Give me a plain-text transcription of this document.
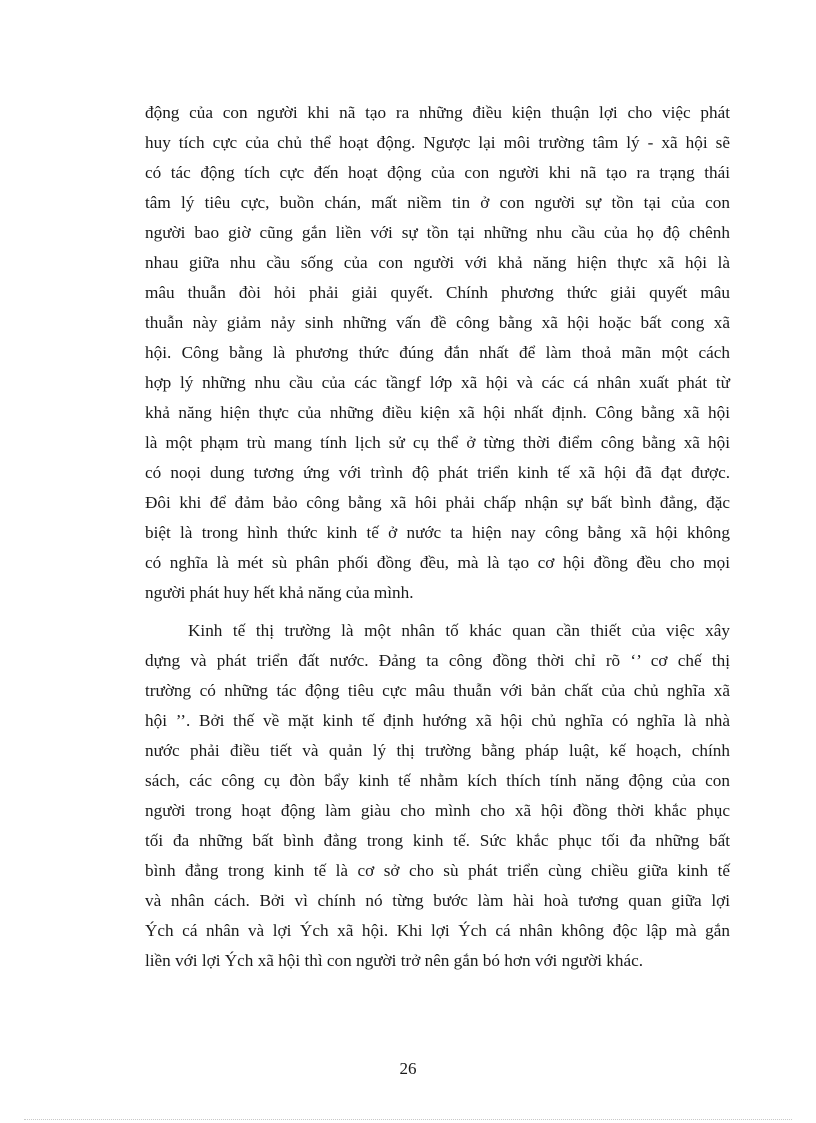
động của con người khi nã tạo ra những điều kiện thuận lợi cho việc phát
huy tích cực của chủ thể hoạt động. Ngược lại môi trường tâm lý - xã hội sẽ
có tác động tích cực đến hoạt động của con người khi nã tạo ra trạng thái
tâm lý tiêu cực, buồn chán, mất niềm tin ở con người sự tồn tại của con
người bao giờ cũng gắn liền với sự tồn tại những nhu cầu của họ độ chênh
nhau giữa nhu cầu sống của con người với khả năng hiện thực xã hội là
mâu thuẫn đòi hỏi phải giải quyết. Chính phương thức giải quyết mâu
thuẫn này giảm nảy sinh những vấn đề công bằng xã hội hoặc bất cong xã
hội. Công bằng là phương thức đúng đắn nhất để làm thoả mãn một cách
hợp lý những nhu cầu của các tầngf lớp xã hội và các cá nhân xuất phát từ
khả năng hiện thực của những điều kiện xã hội nhất định. Công bằng xã hội
là một phạm trù mang tính lịch sử cụ thể ở từng thời điểm công bằng xã hội
có noọi dung tương ứng với trình độ phát triển kinh tế xã hội đã đạt được.
Đôi khi để đảm bảo công bằng xã hôi phải chấp nhận sự bất bình đẳng, đặc
biệt là trong hình thức kinh tế ở nước ta hiện nay công bằng xã hội không
có nghĩa là mét sù phân phối đồng đều, mà là tạo cơ hội đồng đều cho mọi
người phát huy hết khả năng của mình.
Kinh tế thị trường là một nhân tố khác quan cần thiết của việc xây
dựng và phát triển đất nước. Đảng ta công đồng thời chỉ rõ ‘’ cơ chế thị
trường có những tác động tiêu cực mâu thuẫn với bản chất của chủ nghĩa xã
hội ’’. Bởi thế về mặt kinh tế định hướng xã hội chủ nghĩa có nghĩa là nhà
nước phải điều tiết và quản lý thị trường bằng pháp luật, kế hoạch, chính
sách, các công cụ đòn bẩy kinh tế nhằm kích thích tính năng động của con
người trong hoạt động làm giàu cho mình cho xã hội đồng thời khắc phục
tối đa những bất bình đẳng trong kinh tế. Sức khắc phục tối đa những bất
bình đẳng trong kinh tế là cơ sở cho sù phát triển cùng chiều giữa kinh tế
và nhân cách. Bởi vì chính nó từng bước làm hài hoà tương quan giữa lợi
Ých cá nhân và lợi Ých xã hội. Khi lợi Ých cá nhân không độc lập mà gắn
liền với lợi Ých xã hội thì con người trở nên gắn bó hơn với người khác.
26
